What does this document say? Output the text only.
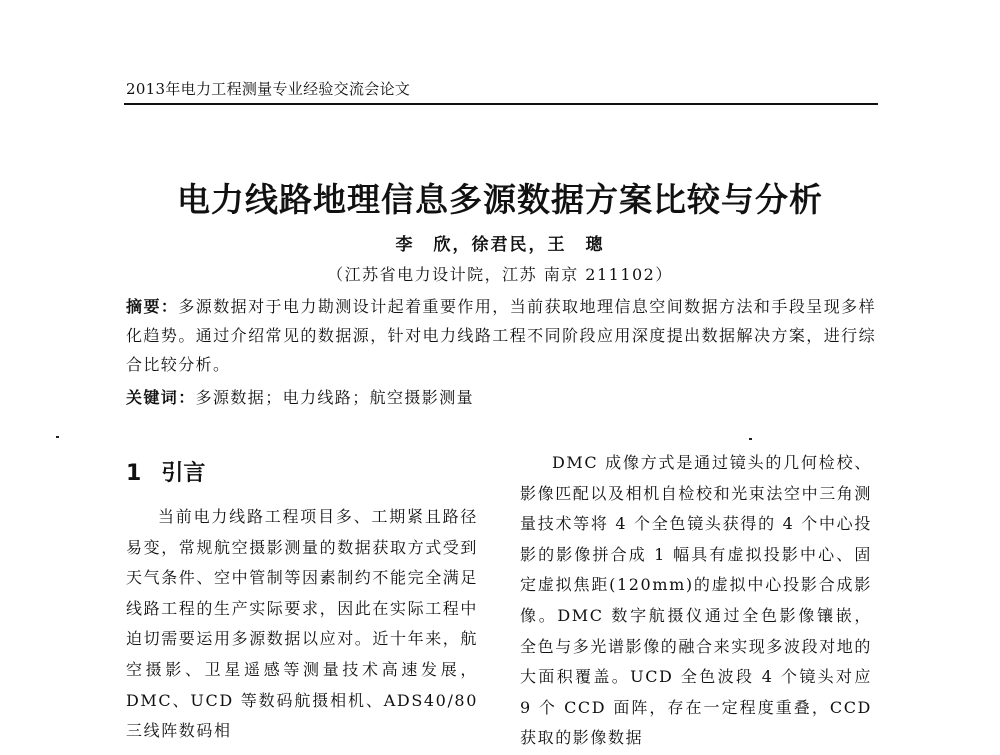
2013年电力工程测量专业经验交流会论文
电力线路地理信息多源数据方案比较与分析
李　欣，徐君民，王　璁
（江苏省电力设计院，江苏 南京 211102）
摘要：多源数据对于电力勘测设计起着重要作用，当前获取地理信息空间数据方法和手段呈现多样化趋势。通过介绍常见的数据源，针对电力线路工程不同阶段应用深度提出数据解决方案，进行综合比较分析。
关键词：多源数据；电力线路；航空摄影测量
1 引言

当前电力线路工程项目多、工期紧且路径易变，常规航空摄影测量的数据获取方式受到天气条件、空中管制等因素制约不能完全满足线路工程的生产实际要求，因此在实际工程中迫切需要运用多源数据以应对。近十年来，航空摄影、卫星遥感等测量技术高速发展，DMC、UCD 等数码航摄相机、ADS40/80 三线阵数码相

DMC 成像方式是通过镜头的几何检校、影像匹配以及相机自检校和光束法空中三角测量技术等将 4 个全色镜头获得的 4 个中心投影的影像拼合成 1 幅具有虚拟投影中心、固定虚拟焦距(120mm)的虚拟中心投影合成影像。DMC 数字航摄仪通过全色影像镶嵌，全色与多光谱影像的融合来实现多波段对地的大面积覆盖。UCD 全色波段 4 个镜头对应 9 个 CCD 面阵，存在一定程度重叠，CCD 获取的影像数据
